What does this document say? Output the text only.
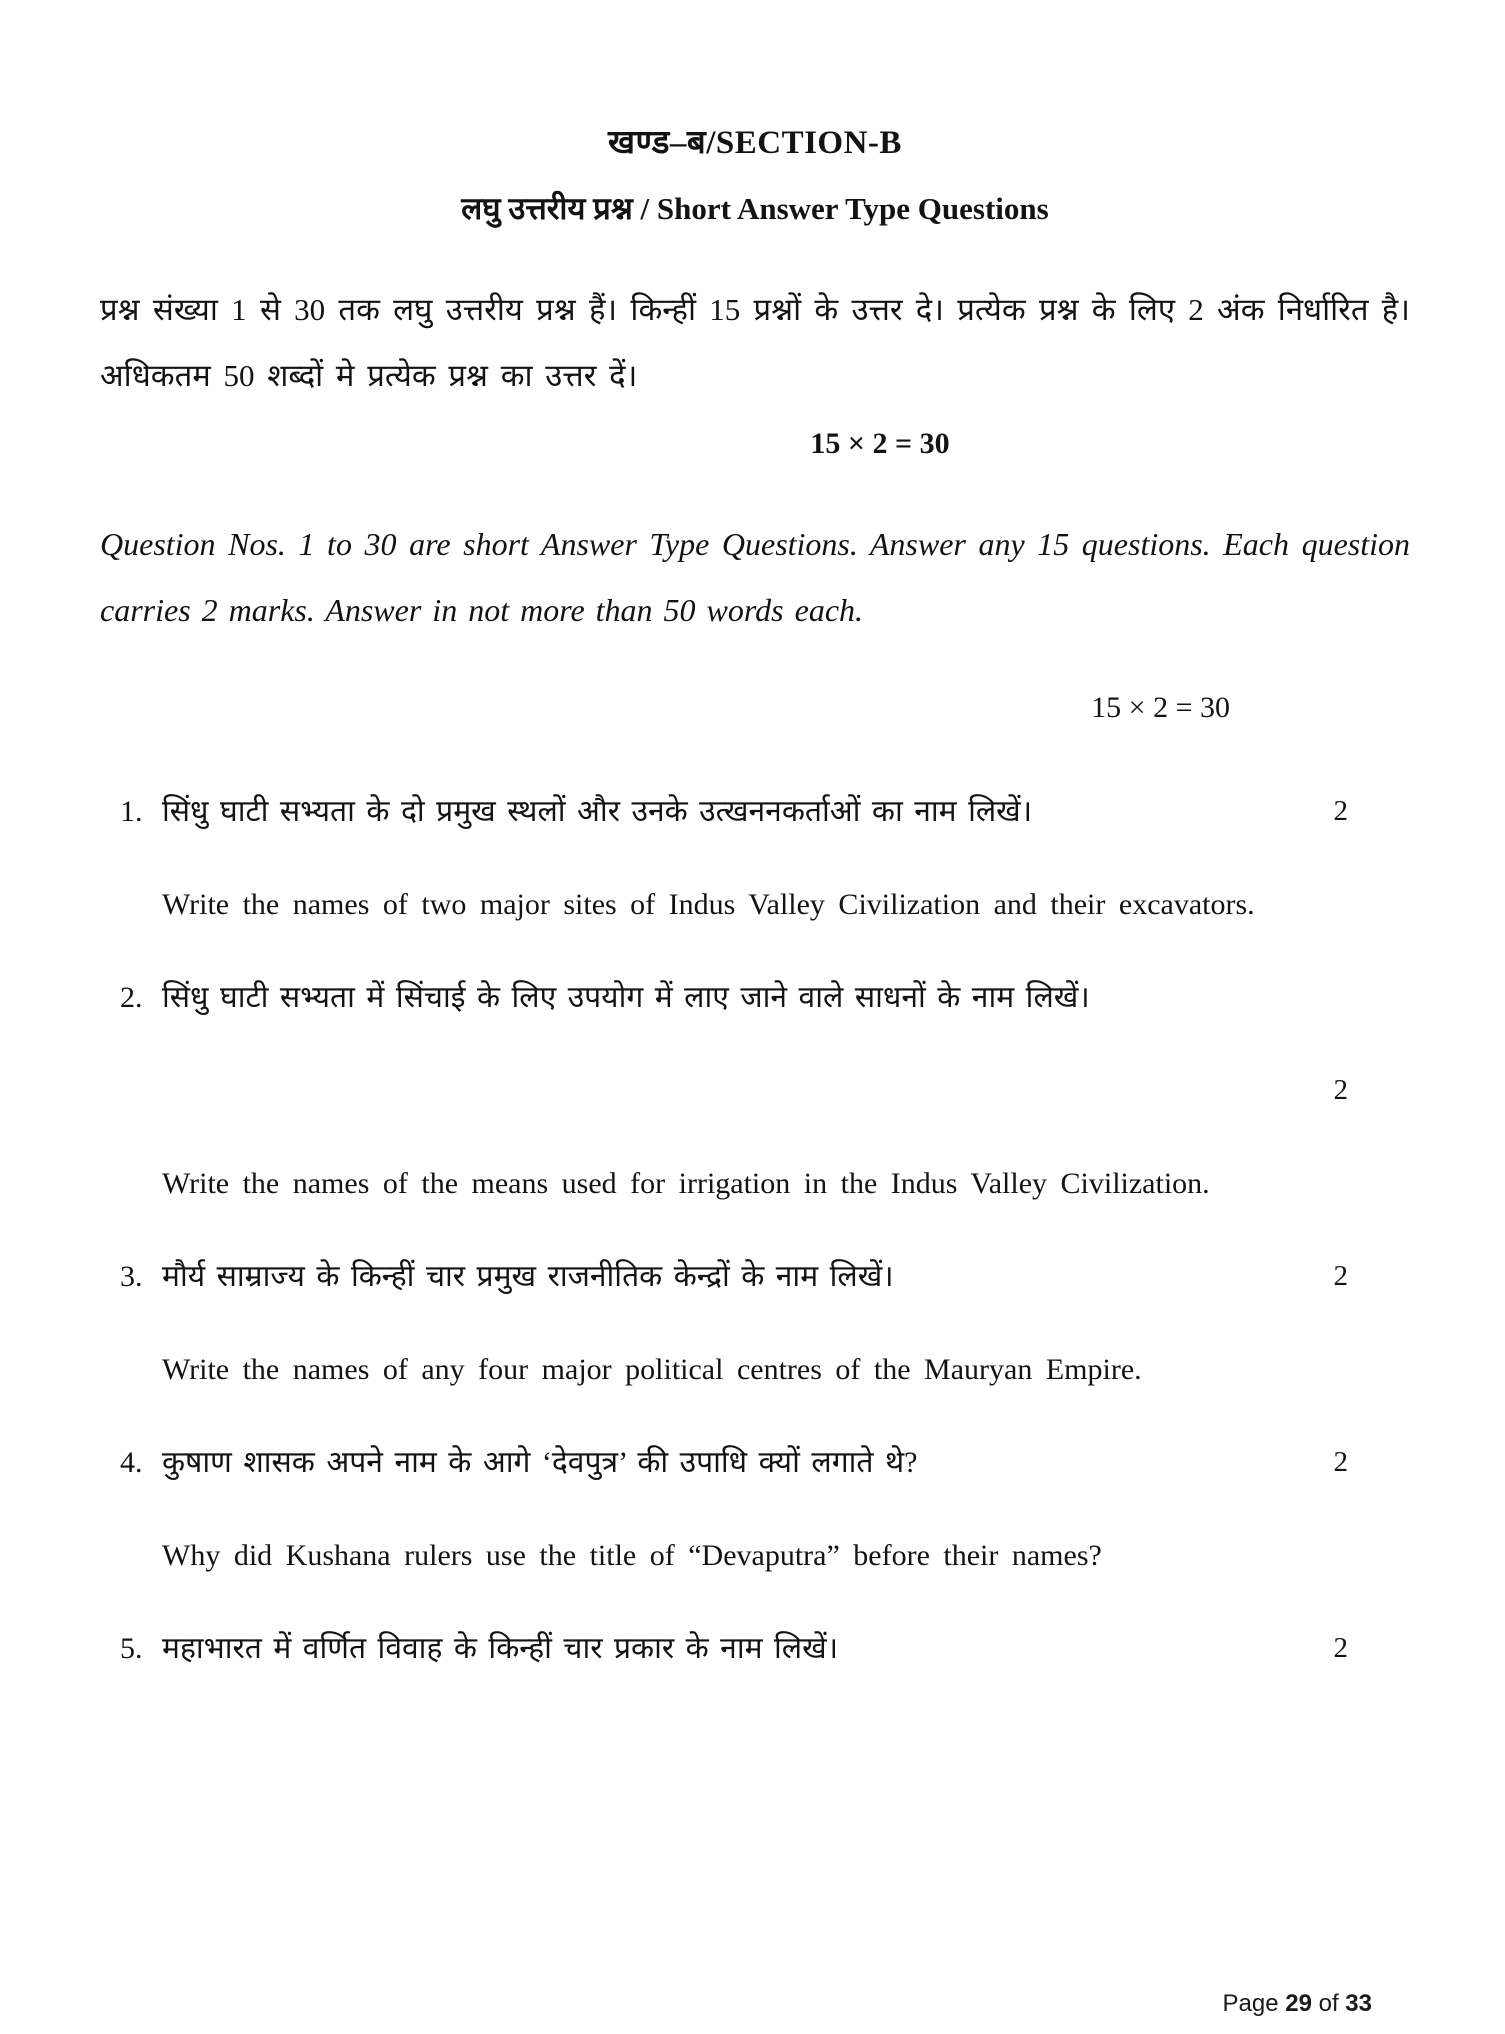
खण्ड–ब/SECTION-B
लघु उत्तरीय प्रश्न / Short Answer Type Questions
प्रश्न संख्या 1 से 30 तक लघु उत्तरीय प्रश्न हैं। किन्हीं 15 प्रश्नों के उत्तर दे। प्रत्येक प्रश्न के लिए 2 अंक निर्धारित है। अधिकतम 50 शब्दों मे प्रत्येक प्रश्न का उत्तर दें।
15 × 2 = 30
Question Nos. 1 to 30 are short Answer Type Questions. Answer any 15 questions. Each question carries 2 marks. Answer in not more than 50 words each.
15 × 2 = 30
1. सिंधु घाटी सभ्यता के दो प्रमुख स्थलों और उनके उत्खननकर्ताओं का नाम लिखें।	2
Write the names of two major sites of Indus Valley Civilization and their excavators.
2. सिंधु घाटी सभ्यता में सिंचाई के लिए उपयोग में लाए जाने वाले साधनों के नाम लिखें।
2
Write the names of the means used for irrigation in the Indus Valley Civilization.
3. मौर्य साम्राज्य के किन्हीं चार प्रमुख राजनीतिक केन्द्रों के नाम लिखें।	2
Write the names of any four major political centres of the Mauryan Empire.
4. कुषाण शासक अपने नाम के आगे ‘देवपुत्र’ की उपाधि क्यों लगाते थे?	2
Why did Kushana rulers use the title of “Devaputra” before their names?
5. महाभारत में वर्णित विवाह के किन्हीं चार प्रकार के नाम लिखें।	2
Page 29 of 33
